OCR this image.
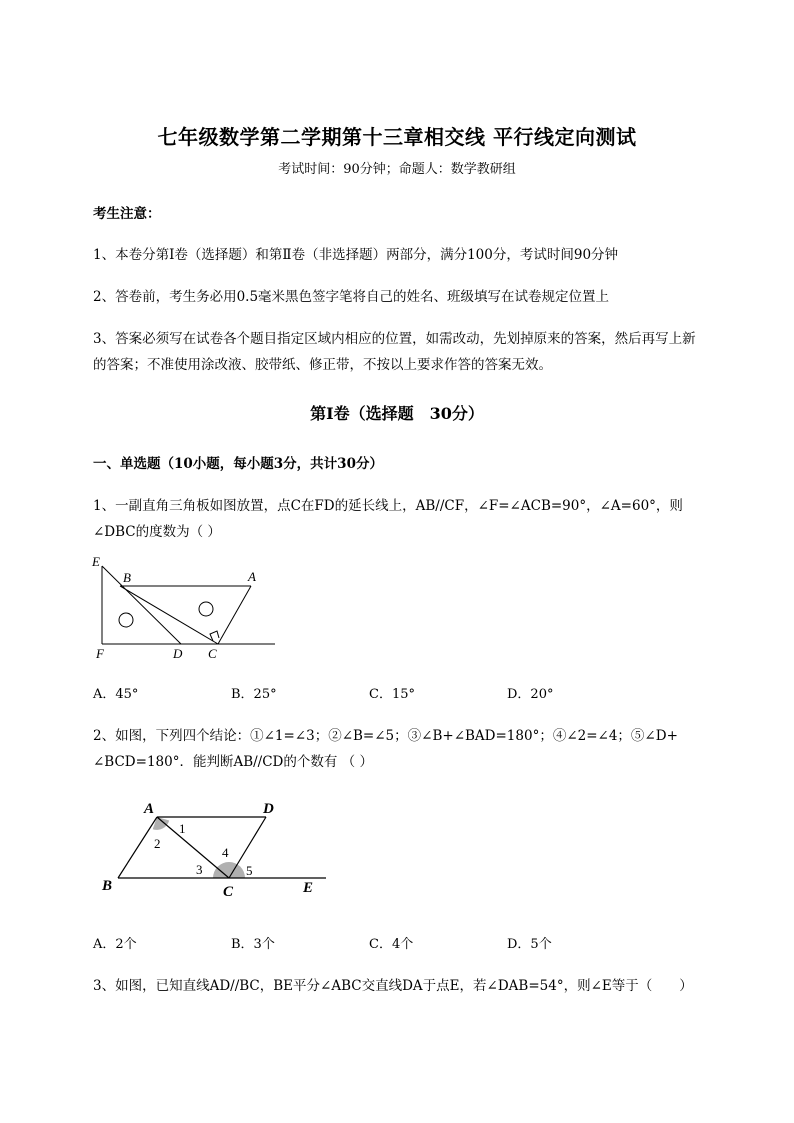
七年级数学第二学期第十三章相交线 平行线定向测试
考试时间：90分钟；命题人：数学教研组
考生注意：
1、本卷分第I卷（选择题）和第Ⅱ卷（非选择题）两部分，满分100分，考试时间90分钟
2、答卷前，考生务必用0.5毫米黑色签字笔将自己的姓名、班级填写在试卷规定位置上
3、答案必须写在试卷各个题目指定区域内相应的位置，如需改动，先划掉原来的答案，然后再写上新
的答案；不准使用涂改液、胶带纸、修正带，不按以上要求作答的答案无效。
第I卷（选择题　30分）
一、单选题（10小题，每小题3分，共计30分）
1、一副直角三角板如图放置，点C在FD的延长线上，AB//CF，∠F=∠ACB=90°，∠A=60°，则
∠DBC的度数为（ ）
E
B	A
F	D C
A．45°	B．25°	C．15°	D．20°
2、如图，下列四个结论：①∠1=∠3；②∠B=∠5；③∠B+∠BAD=180°；④∠2=∠4；⑤∠D+
∠BCD=180°．能判断AB//CD的个数有 （ ）
A	D
B	C	E
1
2
3
4
5
A．2个	B．3个	C．4个	D．5个
3、如图，已知直线AD//BC，BE平分∠ABC交直线DA于点E，若∠DAB=54°，则∠E等于（　　）
